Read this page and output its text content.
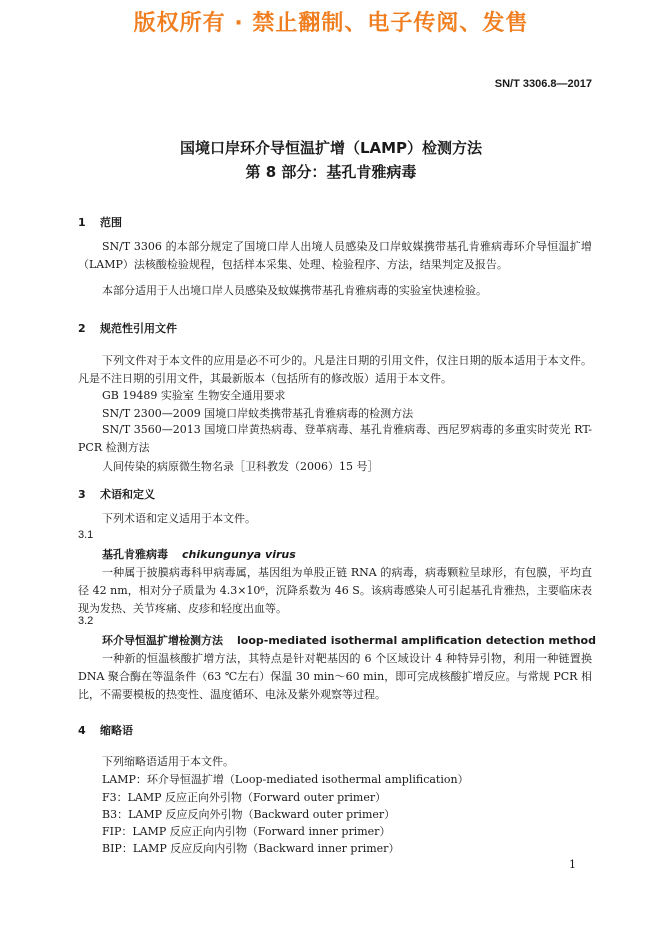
版权所有 · 禁止翻制、电子传阅、发售
SN/T 3306.8—2017
国境口岸环介导恒温扩增（LAMP）检测方法
第 8 部分：基孔肯雅病毒
1 范围
SN/T 3306 的本部分规定了国境口岸人出境人员感染及口岸蚊媒携带基孔肯雅病毒环介导恒温扩增（LAMP）法核酸检验规程，包括样本采集、处理、检验程序、方法，结果判定及报告。
本部分适用于人出境口岸人员感染及蚊媒携带基孔肯雅病毒的实验室快速检验。
2 规范性引用文件
下列文件对于本文件的应用是必不可少的。凡是注日期的引用文件，仅注日期的版本适用于本文件。凡是不注日期的引用文件，其最新版本（包括所有的修改版）适用于本文件。
GB 19489 实验室 生物安全通用要求
SN/T 2300—2009 国境口岸蚊类携带基孔肯雅病毒的检测方法
SN/T 3560—2013 国境口岸黄热病毒、登革病毒、基孔肯雅病毒、西尼罗病毒的多重实时荧光 RT-PCR 检测方法
人间传染的病原微生物名录［卫科教发（2006）15 号］
3 术语和定义
下列术语和定义适用于本文件。
3.1
基孔肯雅病毒 chikungunya virus
一种属于披膜病毒科甲病毒属，基因组为单股正链 RNA 的病毒，病毒颗粒呈球形，有包膜，平均直径 42 nm，相对分子质量为 4.3×10⁶，沉降系数为 46 S。该病毒感染人可引起基孔肯雅热，主要临床表现为发热、关节疼痛、皮疹和轻度出血等。
3.2
环介导恒温扩增检测方法 loop-mediated isothermal amplification detection method
一种新的恒温核酸扩增方法，其特点是针对靶基因的 6 个区域设计 4 种特异引物，利用一种链置换 DNA 聚合酶在等温条件（63 ℃左右）保温 30 min～60 min，即可完成核酸扩增反应。与常规 PCR 相比，不需要模板的热变性、温度循环、电泳及紫外观察等过程。
4 缩略语
下列缩略语适用于本文件。
LAMP：环介导恒温扩增（Loop-mediated isothermal amplification）
F3：LAMP 反应正向外引物（Forward outer primer）
B3：LAMP 反应反向外引物（Backward outer primer）
FIP：LAMP 反应正向内引物（Forward inner primer）
BIP：LAMP 反应反向内引物（Backward inner primer）
1
